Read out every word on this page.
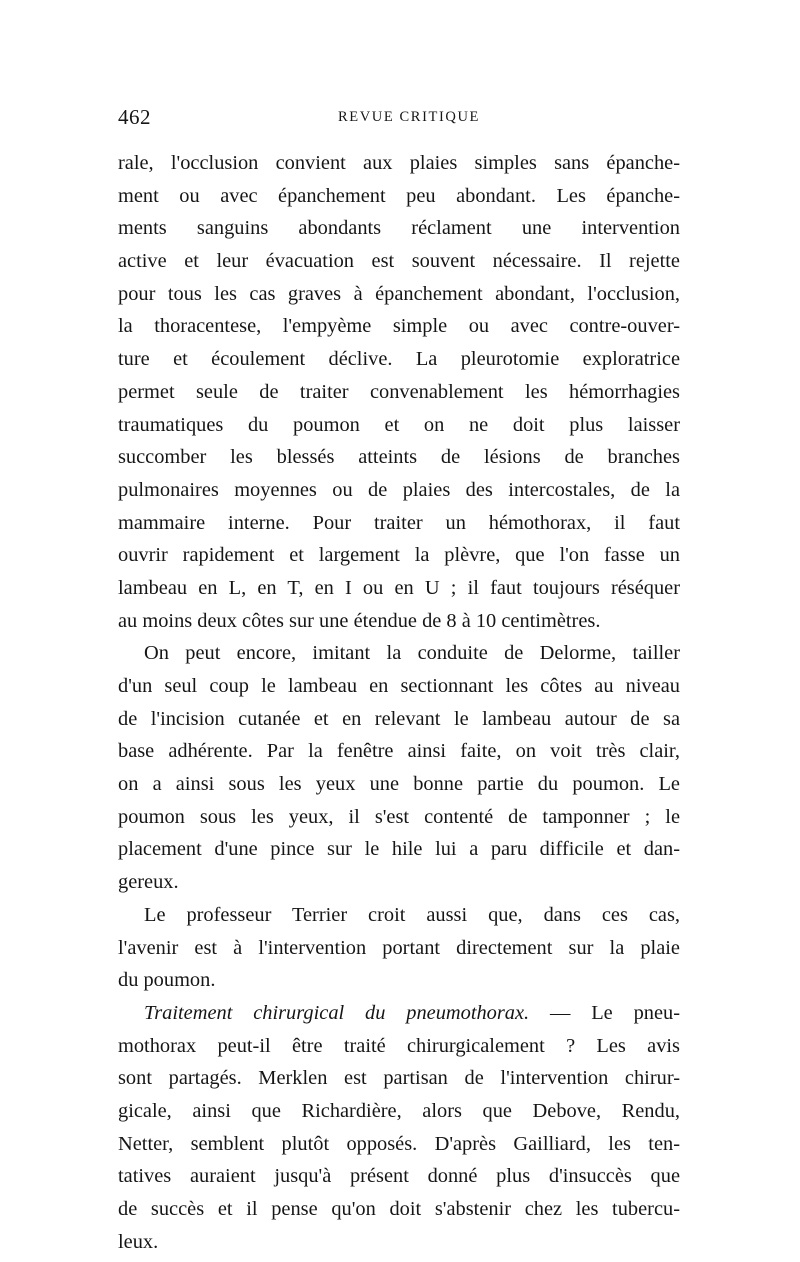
462	REVUE CRITIQUE
rale, l'occlusion convient aux plaies simples sans épanche-
ment ou avec épanchement peu abondant. Les épanche-
ments sanguins abondants réclament une intervention
active et leur évacuation est souvent nécessaire. Il rejette
pour tous les cas graves à épanchement abondant, l'occlusion,
la thoracentese, l'empyème simple ou avec contre-ouver-
ture et écoulement déclive. La pleurotomie exploratrice
permet seule de traiter convenablement les hémorrhagies
traumatiques du poumon et on ne doit plus laisser
succomber les blessés atteints de lésions de branches
pulmonaires moyennes ou de plaies des intercostales, de la
mammaire interne. Pour traiter un hémothorax, il faut
ouvrir rapidement et largement la plèvre, que l'on fasse un
lambeau en L, en T, en I ou en U ; il faut toujours réséquer
au moins deux côtes sur une étendue de 8 à 10 centimètres.
On peut encore, imitant la conduite de Delorme, tailler
d'un seul coup le lambeau en sectionnant les côtes au niveau
de l'incision cutanée et en relevant le lambeau autour de sa
base adhérente. Par la fenêtre ainsi faite, on voit très clair,
on a ainsi sous les yeux une bonne partie du poumon. Le
poumon sous les yeux, il s'est contenté de tamponner ; le
placement d'une pince sur le hile lui a paru difficile et dan-
gereux.
Le professeur Terrier croit aussi que, dans ces cas,
l'avenir est à l'intervention portant directement sur la plaie
du poumon.
Traitement chirurgical du pneumothorax. — Le pneu-
mothorax peut-il être traité chirurgicalement ? Les avis
sont partagés. Merklen est partisan de l'intervention chirur-
gicale, ainsi que Richardière, alors que Debove, Rendu,
Netter, semblent plutôt opposés. D'après Gailliard, les ten-
tatives auraient jusqu'à présent donné plus d'insuccès que
de succès et il pense qu'on doit s'abstenir chez les tubercu-
leux.
